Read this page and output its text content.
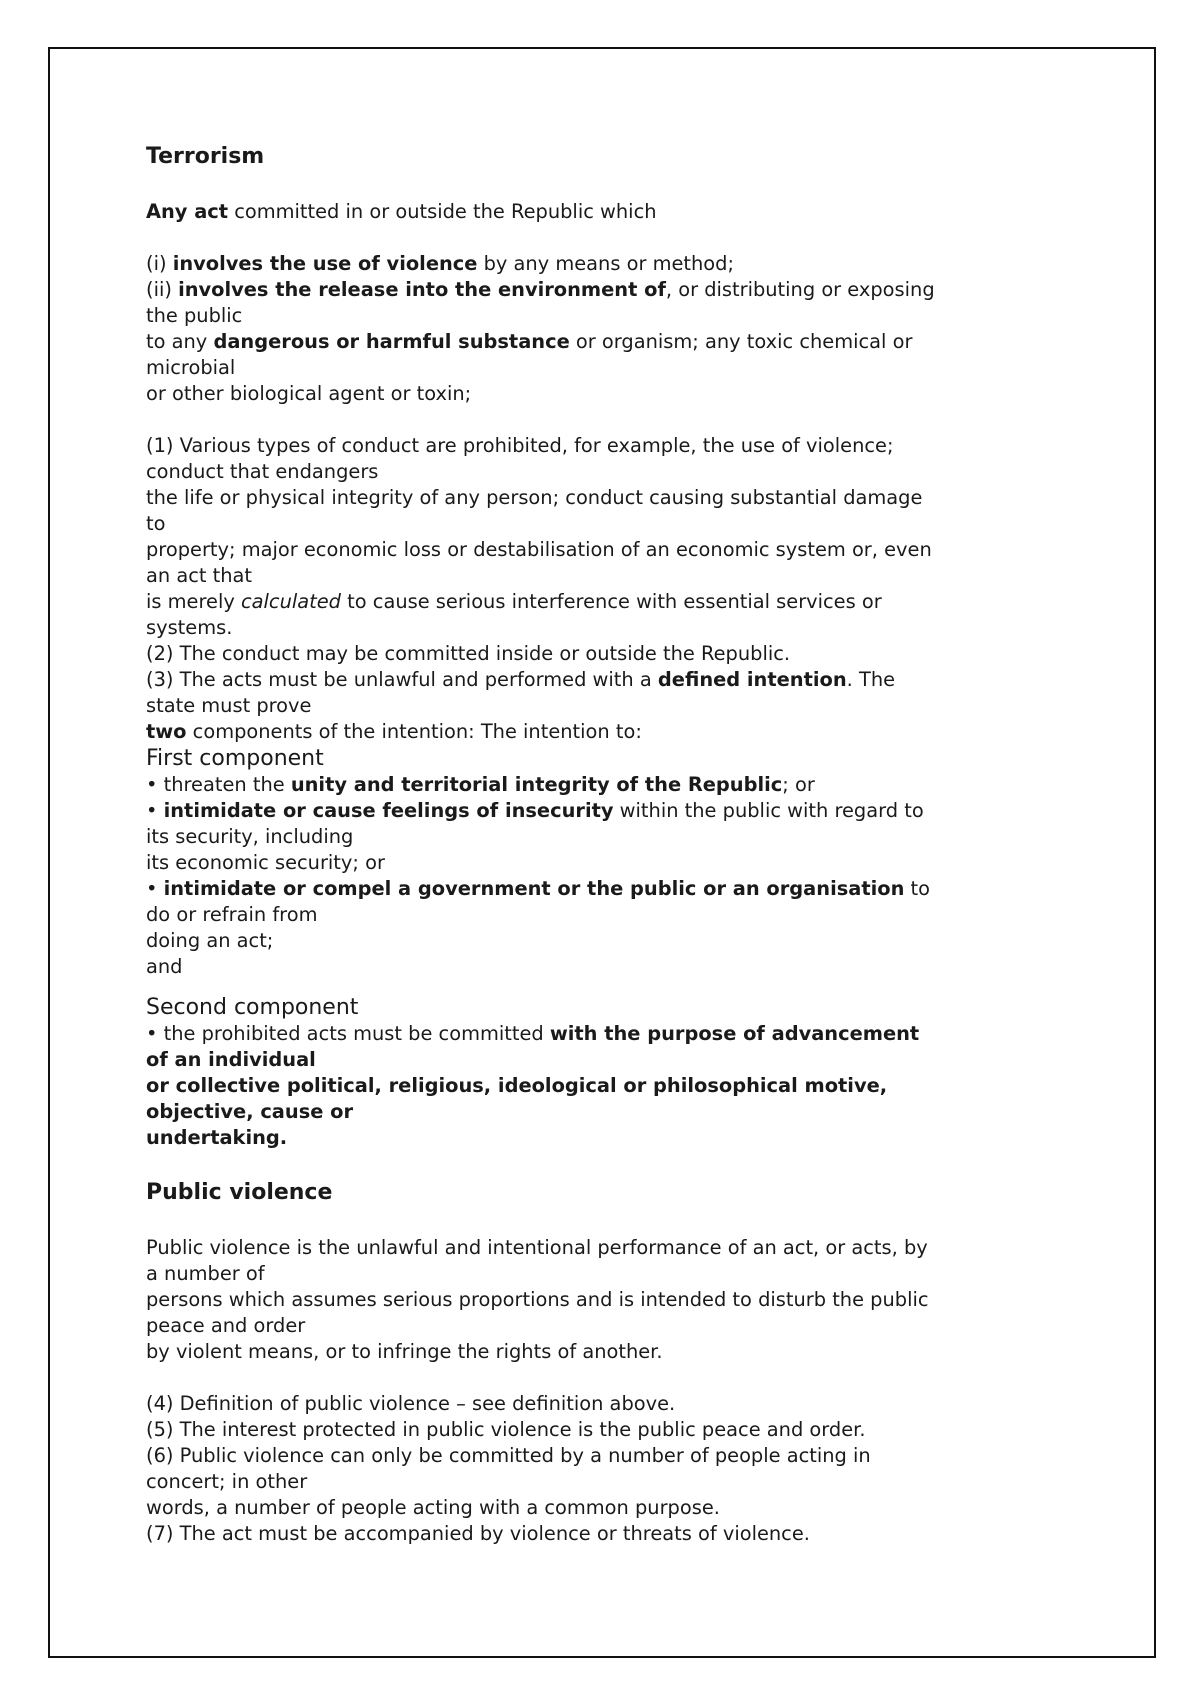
Terrorism

Any act committed in or outside the Republic which

(i) involves the use of violence by any means or method;

(ii) involves the release into the environment of, or distributing or exposing

the public

to any dangerous or harmful substance or organism; any toxic chemical or

microbial

or other biological agent or toxin;

(1) Various types of conduct are prohibited, for example, the use of violence;

conduct that endangers

the life or physical integrity of any person; conduct causing substantial damage

to

property; major economic loss or destabilisation of an economic system or, even

an act that

is merely calculated to cause serious interference with essential services or

systems.

(2) The conduct may be committed inside or outside the Republic.

(3) The acts must be unlawful and performed with a defined intention. The

state must prove

two components of the intention: The intention to:

First component

• threaten the unity and territorial integrity of the Republic; or

• intimidate or cause feelings of insecurity within the public with regard to

its security, including

its economic security; or

• intimidate or compel a government or the public or an organisation to

do or refrain from

doing an act;

and

Second component

• the prohibited acts must be committed with the purpose of advancement

of an individual

or collective political, religious, ideological or philosophical motive,

objective, cause or

undertaking.

Public violence

Public violence is the unlawful and intentional performance of an act, or acts, by

a number of

persons which assumes serious proportions and is intended to disturb the public

peace and order

by violent means, or to infringe the rights of another.

(4) Definition of public violence – see definition above.

(5) The interest protected in public violence is the public peace and order.

(6) Public violence can only be committed by a number of people acting in

concert; in other

words, a number of people acting with a common purpose.

(7) The act must be accompanied by violence or threats of violence.
